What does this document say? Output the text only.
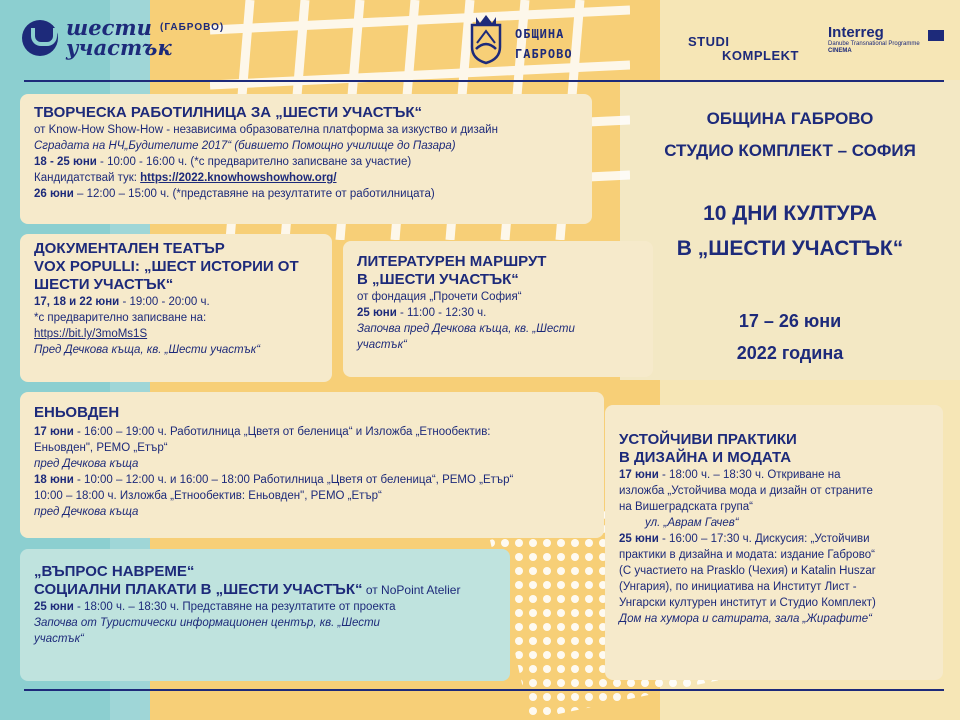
шести
участък
(ГАБРОВО)	ОБЩИНА
ГАБРОВО
STUDI
KOMPLEKT
Interreg
Danube Transnational Programme
CINEMA
ТВОРЧЕСКА РАБОТИЛНИЦА ЗА „ШЕСТИ УЧАСТЪК“
от Know-How Show-How - независима образователна платформа за изкуство и дизайн
Сградата на НЧ„Будителите 2017“ (бившето Помощно училище до Пазара)
18 - 25 юни - 10:00 - 16:00 ч. (*с предварително записване за участие)
Кандидатствай тук: https://2022.knowhowshowhow.org/
26 юни – 12:00 – 15:00 ч. (*представяне на резултатите от работилницата)
ДОКУМЕНТАЛЕН ТЕАТЪР
VOX POPULLI: „ШЕСТ ИСТОРИИ ОТ
ШЕСТИ УЧАСТЪК“
17, 18 и 22 юни - 19:00 - 20:00 ч.
*с предварително записване на:
https://bit.ly/3moMs1S
Пред Дечкова къща, кв. „Шести участък“
ЛИТЕРАТУРЕН МАРШРУТ
В „ШЕСТИ УЧАСТЪК“
от фондация „Прочети София“
25 юни - 11:00 - 12:30 ч.
Започва пред Дечкова къща, кв. „Шести
участък“
ЕНЬОВДЕН
17 юни - 16:00 – 19:00 ч. Работилница „Цветя от беленица“ и Изложба „Етнообектив:
Еньовден", РЕМО „Етър“
пред Дечкова къща
18 юни - 10:00 – 12:00 ч. и 16:00 – 18:00 Работилница „Цветя от беленица“, РЕМО „Етър“
10:00 – 18:00 ч. Изложба „Етнообектив: Еньовден", РЕМО „Етър“
пред Дечкова къща
„ВЪПРОС НАВРЕМЕ“
СОЦИАЛНИ ПЛАКАТИ В „ШЕСТИ УЧАСТЪК“ от NoPoint Atelier
25 юни - 18:00 ч. – 18:30 ч. Представяне на резултатите от проекта
Започва от Туристически информационен център, кв. „Шести
участък“
УСТОЙЧИВИ ПРАКТИКИ
В ДИЗАЙНА И МОДАТА
17 юни - 18:00 ч. – 18:30 ч. Откриване на
изложба „Устойчива мода и дизайн от страните
на Вишеградската група“
ул. „Аврам Гачев“
25 юни - 16:00 – 17:30 ч. Дискусия: „Устойчиви
практики в дизайна и модата: издание Габрово“
(С участието на Prasklo (Чехия) и Katalin Huszar
(Унгария), по инициатива на Институт Лист -
Унгарски културен институт и Студио Комплект)
Дом на хумора и сатирата, зала „Жирафите“
ОБЩИНА ГАБРОВО
СТУДИО КОМПЛЕКТ – СОФИЯ
10 ДНИ КУЛТУРА
В „ШЕСТИ УЧАСТЪК“
17 – 26 юни
2022 година
